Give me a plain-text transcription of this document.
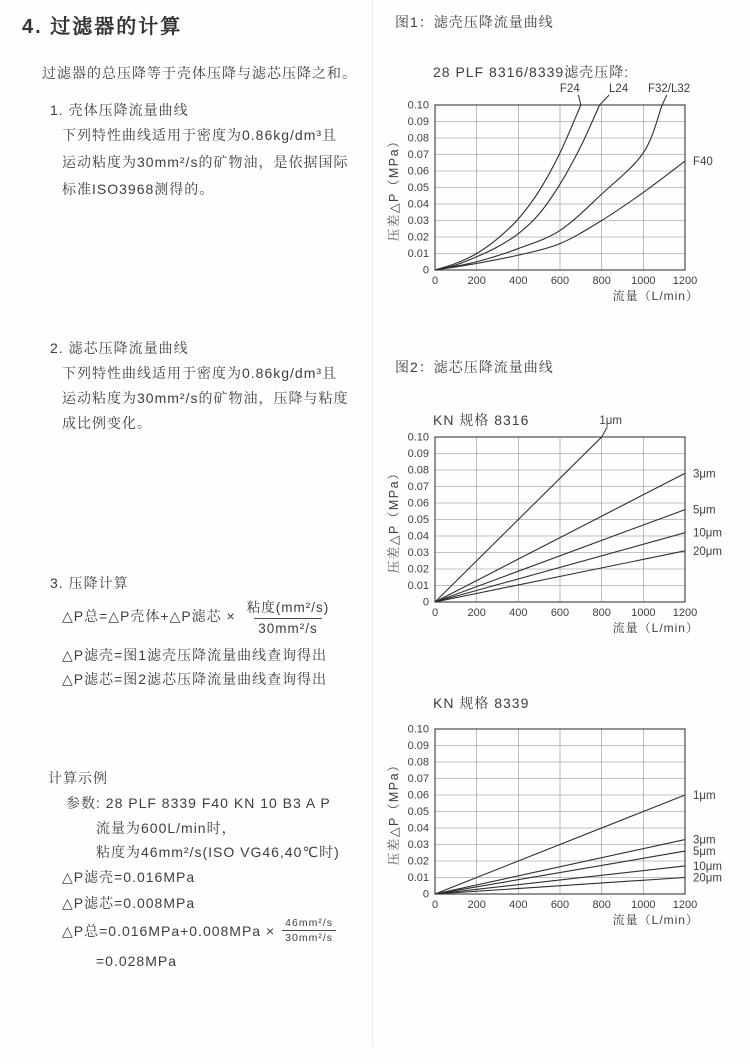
4. 过滤器的计算
过滤器的总压降等于壳体压降与滤芯压降之和。
1. 壳体压降流量曲线
下列特性曲线适用于密度为0.86kg/dm³且
运动粘度为30mm²/s的矿物油，是依据国际
标准ISO3968测得的。
2. 滤芯压降流量曲线
下列特性曲线适用于密度为0.86kg/dm³且
运动粘度为30mm²/s的矿物油，压降与粘度
成比例变化。
3. 压降计算
△P总=△P壳体+△P滤芯 × $\frac{\text{粘度(mm²/s)}}{\text{30mm²/s}}$
△P滤壳=图1滤壳压降流量曲线查询得出
△P滤芯=图2滤芯压降流量曲线查询得出
计算示例
参数: 28 PLF 8339 F40 KN 10 B3 A P
流量为600L/min时，
粘度为46mm²/s(ISO VG46,40℃时)
△P滤壳=0.016MPa
△P滤芯=0.008MPa
△P总$=0.016MPa+0.008MPa \times \frac{\text{46mm²/s}}{\text{30mm²/s}}$
=0.028MPa
图1：滤壳压降流量曲线
28 PLF 8316/8339滤壳压降:
0	200 400 600 800 1000 1200
0
0.01
0.02
0.03
0.04
0.05
0.06
0.07
0.08
0.09
0.10
流量（L/min）
压差△P（MPa）
F24	L24 F32/L32
F40
图2：滤芯压降流量曲线
KN 规格 8316
0	200 400 600 800 1000 1200
0
0.01
0.02
0.03
0.04
0.05
0.06
0.07
0.08
0.09
0.10
流量（L/min）
压差△P（MPa）
1μm
3μm
5μm
10μm
20μm
KN 规格 8339
0	200 400 600 800 1000 1200
0
0.01
0.02
0.03
0.04
0.05
0.06
0.07
0.08
0.09
0.10
流量（L/min）
压差△P（MPa）	1μm
3μm
5μm
10μm
20μm
